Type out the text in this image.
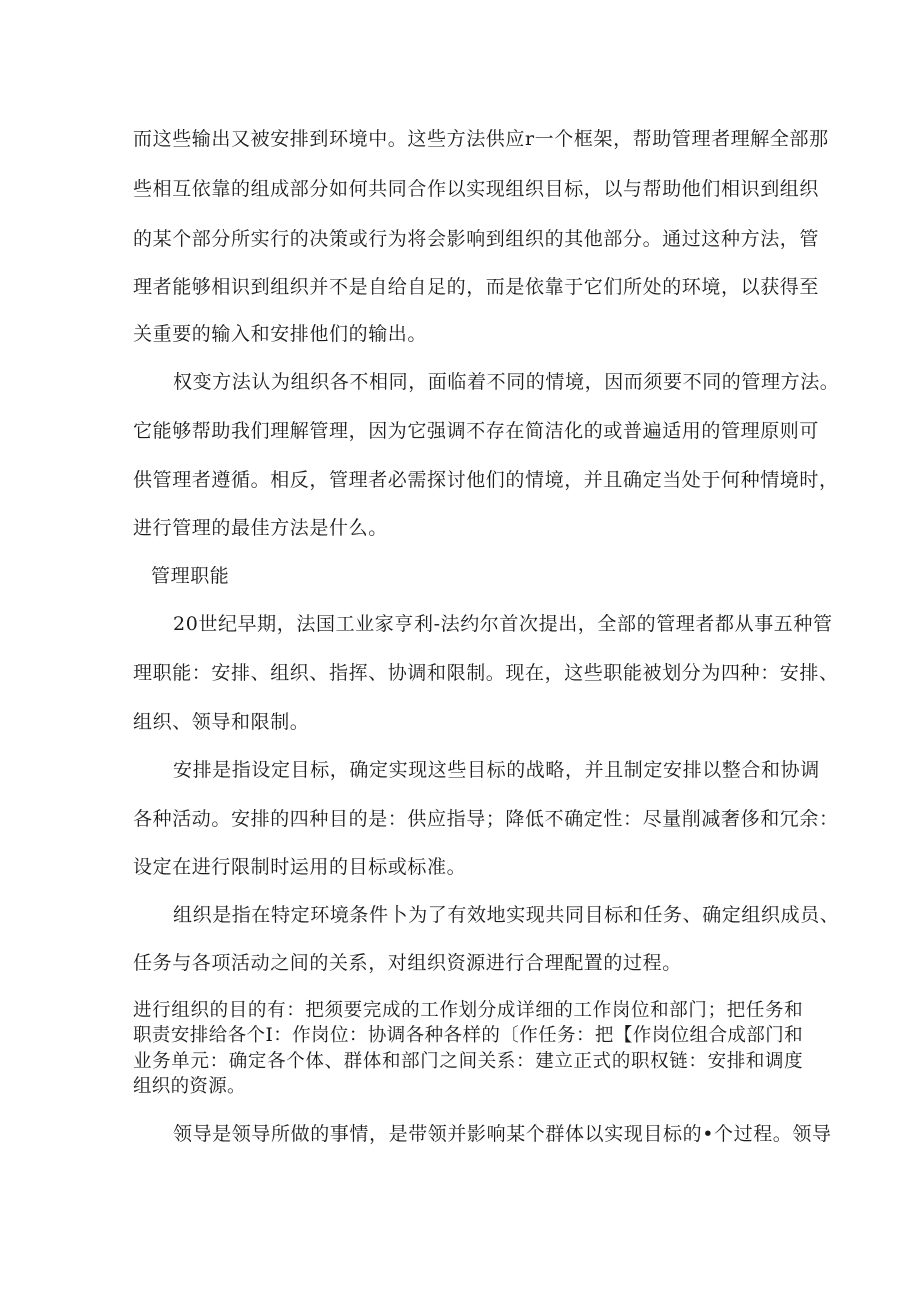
而这些输出又被安排到环境中。这些方法供应r一个框架，帮助管理者理解全部那
些相互依靠的组成部分如何共同合作以实现组织目标，以与帮助他们相识到组织
的某个部分所实行的决策或行为将会影响到组织的其他部分。通过这种方法，管
理者能够相识到组织并不是自给自足的，而是依靠于它们所处的环境，以获得至
关重要的输入和安排他们的输出。
权变方法认为组织各不相同，面临着不同的情境，因而须要不同的管理方法。
它能够帮助我们理解管理，因为它强调不存在简洁化的或普遍适用的管理原则可
供管理者遵循。相反，管理者必需探讨他们的情境，并且确定当处于何种情境时，
进行管理的最佳方法是什么。
管理职能
20世纪早期，法国工业家亨利-法约尔首次提出，全部的管理者都从事五种管
理职能：安排、组织、指挥、协调和限制。现在，这些职能被划分为四种：安排、
组织、领导和限制。
安排是指设定目标，确定实现这些目标的战略，并且制定安排以整合和协调
各种活动。安排的四种目的是：供应指导；降低不确定性：尽量削减奢侈和冗余：
设定在进行限制时运用的目标或标准。
组织是指在特定环境条件卜为了有效地实现共同目标和任务、确定组织成员、
任务与各项活动之间的关系，对组织资源进行合理配置的过程。
进行组织的目的有：把须要完成的工作划分成详细的工作岗位和部门；把任务和
职责安排给各个I：作岗位：协调各种各样的〔作任务：把【作岗位组合成部门和
业务单元：确定各个体、群体和部门之间关系：建立正式的职权链：安排和调度
组织的资源。
领导是领导所做的事情，是带领并影响某个群体以实现目标的•个过程。领导
